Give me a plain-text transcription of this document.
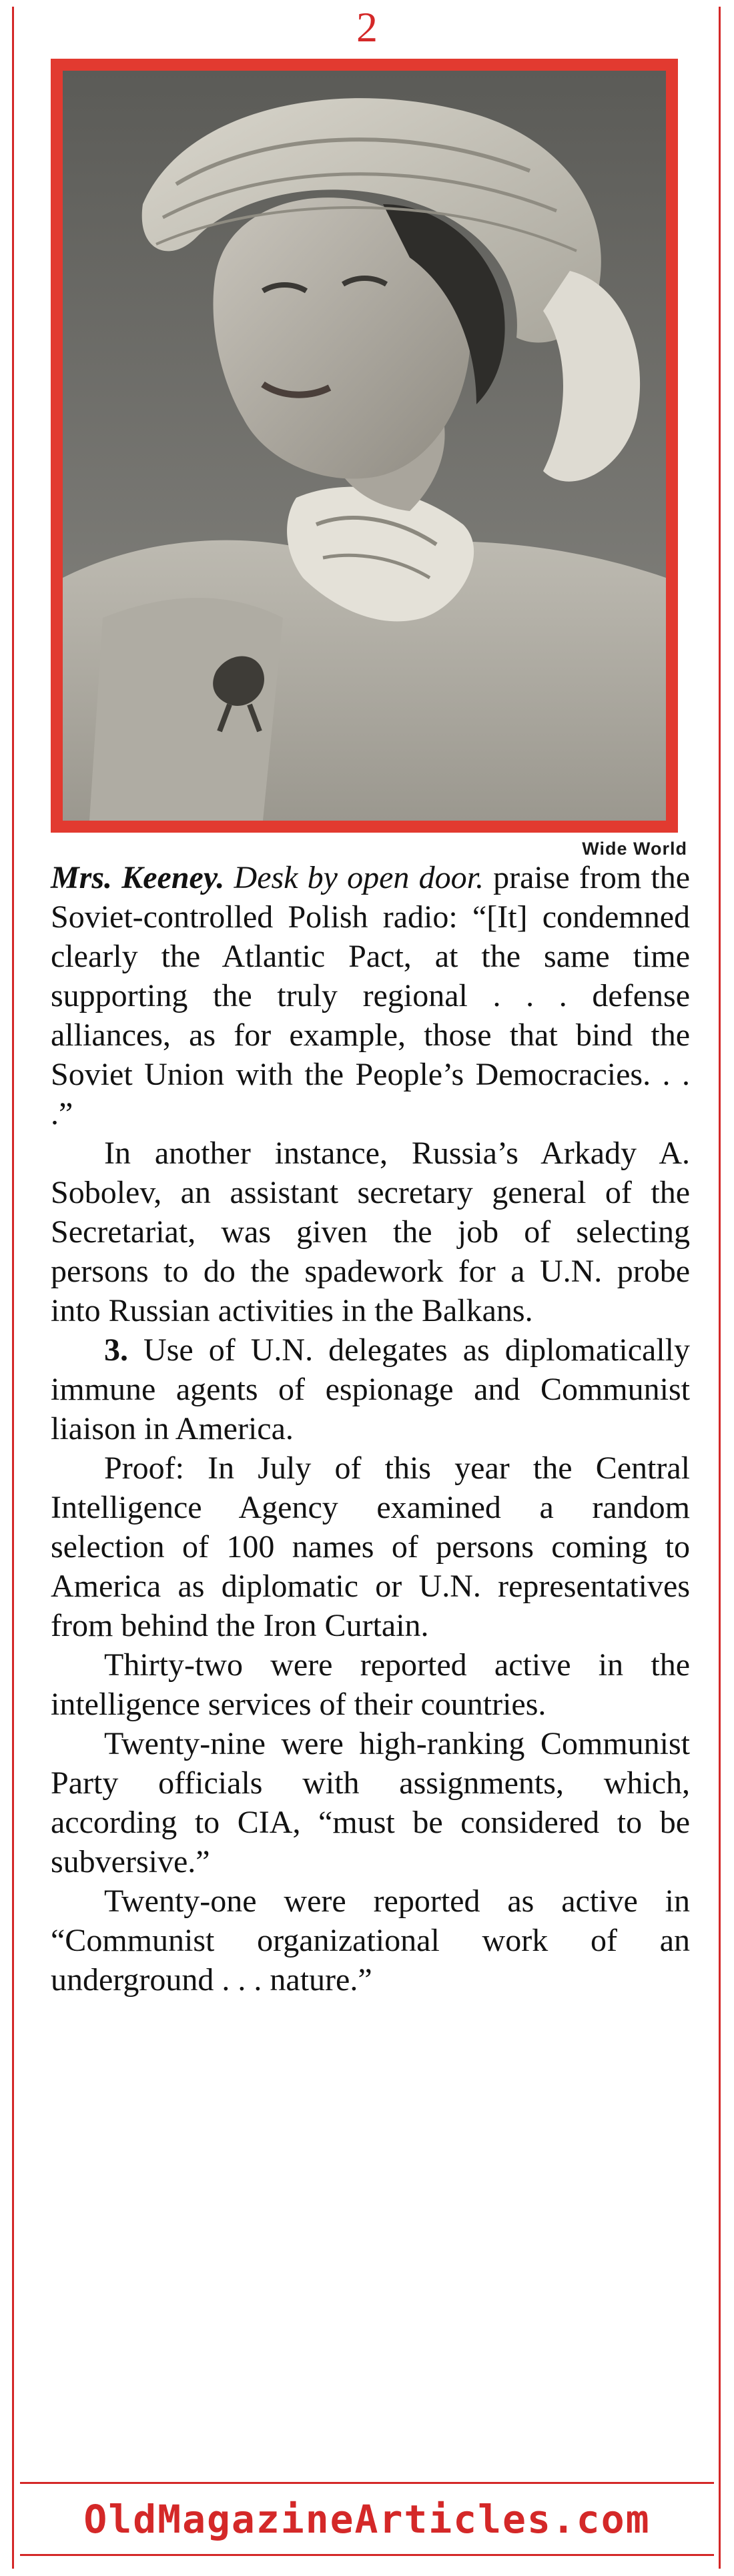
2
Wide World

Mrs. Keeney. Desk by open door. praise from the Soviet-controlled Polish radio: “[It] condemned clearly the Atlantic Pact, at the same time supporting the truly regional . . . defense alliances, as for example, those that bind the Soviet Union with the People’s Democracies. . . .”

In another instance, Russia’s Arkady A. Sobolev, an assistant secretary general of the Secretariat, was given the job of selecting persons to do the spadework for a U.N. probe into Russian activities in the Balkans.

3. Use of U.N. delegates as diplomatically immune agents of espionage and Communist liaison in America.

Proof: In July of this year the Central Intelligence Agency examined a random selection of 100 names of persons coming to America as diplomatic or U.N. representatives from behind the Iron Curtain.

Thirty-two were reported active in the intelligence services of their countries.

Twenty-nine were high-ranking Communist Party officials with assignments, which, according to CIA, “must be considered to be subversive.”

Twenty-one were reported as active in “Communist organizational work of an underground . . . nature.”

OldMagazineArticles.com
